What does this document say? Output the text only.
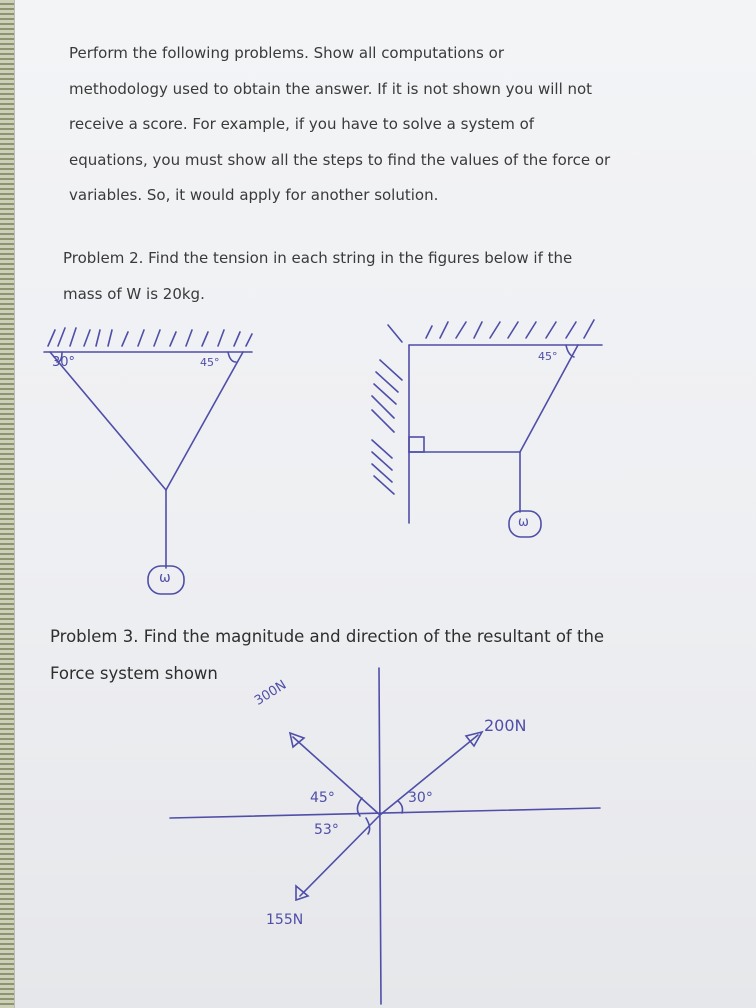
Perform the following problems. Show all computations or
methodology used to obtain the answer. If it is not shown you will not
receive a score. For example, if you have to solve a system of
equations, you must show all the steps to find the values of the force or
variables. So, it would apply for another solution.
Problem 2. Find the tension in each string in the figures below if the
mass of W is 20kg.
30°	45°
ω
45°
ω
Problem 3. Find the magnitude and direction of the resultant of the
Force system shown
300N
200N
155N
45°	30°
53°
